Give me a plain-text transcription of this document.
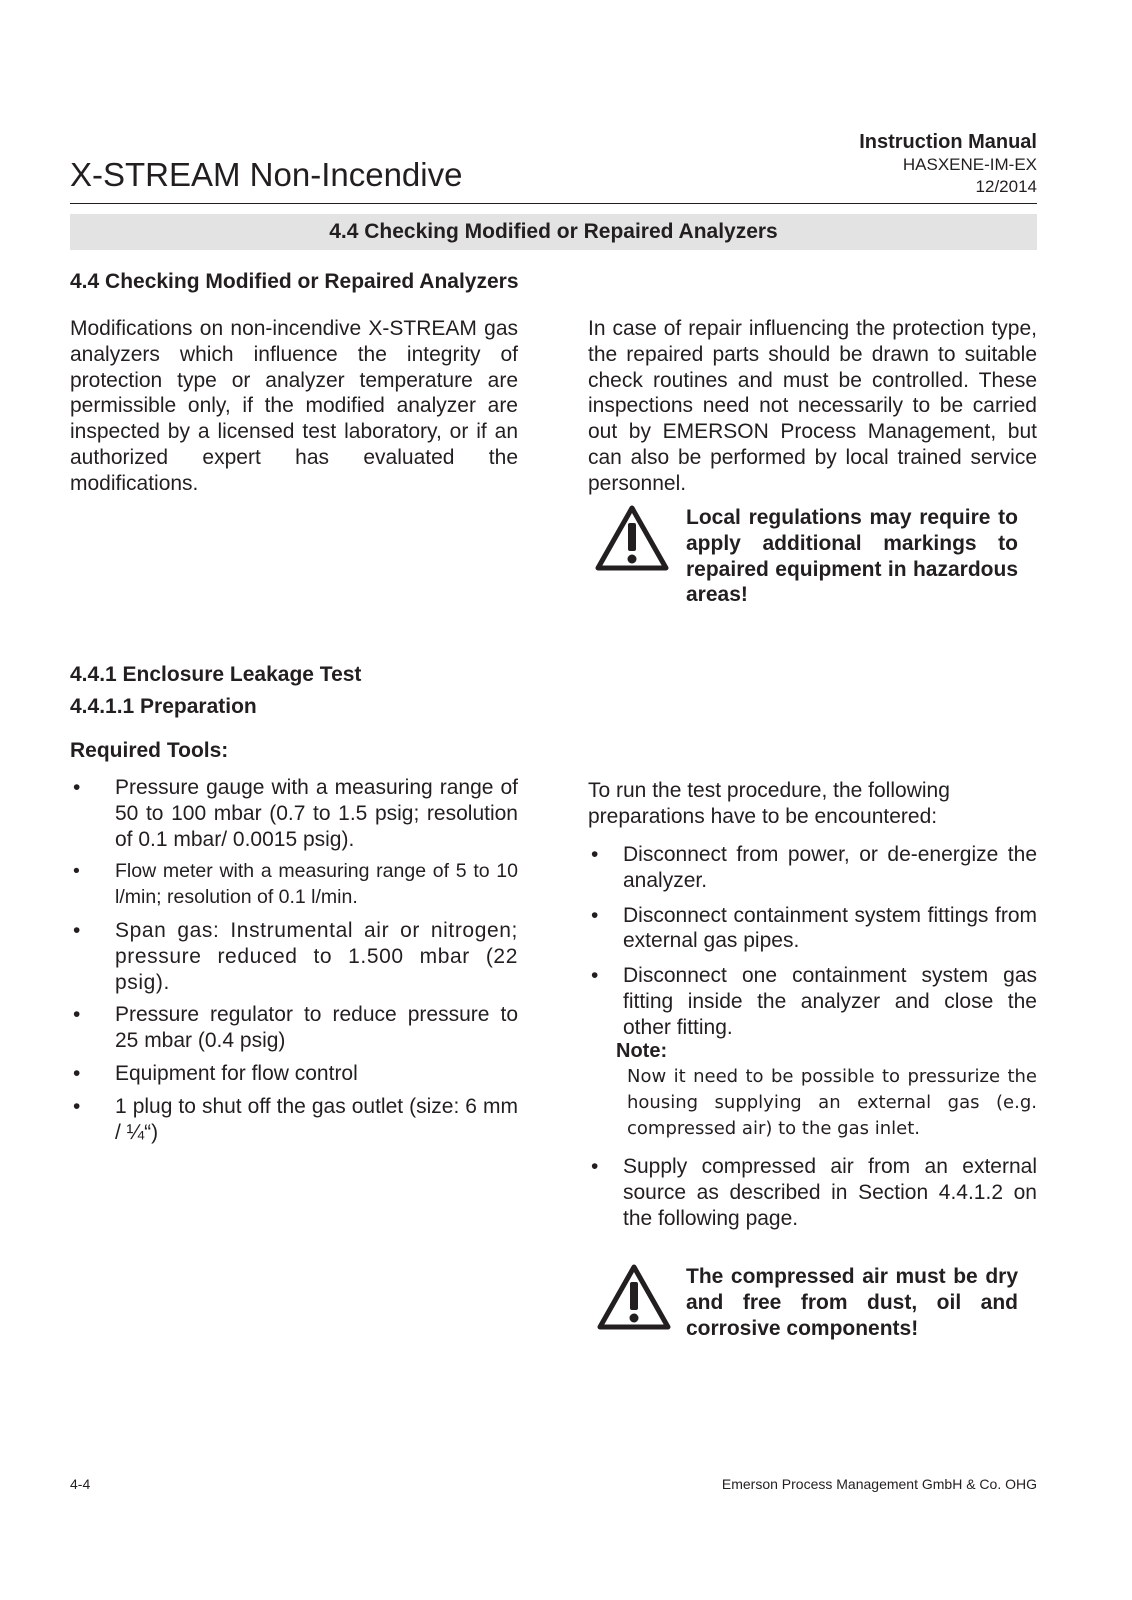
X-STREAM Non-Incendive
Instruction Manual
HASXENE-IM-EX
12/2014
4.4 Checking Modified or Repaired Analyzers
4.4 Checking Modified or Repaired Analyzers

Modifications on non-incendive X-STREAM gas analyzers which influence the integrity of protection type or analyzer temperature are permissible only, if the modified analyzer are inspected by a licensed test laboratory, or if an authorized expert has evaluated the modifications.

In case of repair influencing the protection type, the repaired parts should be drawn to suitable check routines and must be controlled. These inspections need not necessarily to be carried out by EMERSON Process Management, but can also be performed by local trained service personnel.

Local regulations may require to apply additional markings to repaired equipment in hazardous areas!
4.4.1 Enclosure Leakage Test
4.4.1.1 Preparation
Required Tools:
• Pressure gauge with a measuring range of 50 to 100 mbar (0.7 to 1.5 psig; resolution of 0.1 mbar/ 0.0015 psig).
• Flow meter with a measuring range of 5 to 10 l/min; resolution of 0.1 l/min.
• Span gas: Instrumental air or nitrogen; pressure reduced to 1.500 mbar (22 psig).
• Pressure regulator to reduce pressure to 25 mbar (0.4 psig)
• Equipment for flow control
• 1 plug to shut off the gas outlet (size: 6 mm / ¼“)

To run the test procedure, the following preparations have to be encountered:

• Disconnect from power, or de-energize the analyzer.
• Disconnect containment system fittings from external gas pipes.
• Disconnect one containment system gas fitting inside the analyzer and close the other fitting.
Note:
Now it need to be possible to pressurize the housing supplying an external gas (e.g. compressed air) to the gas inlet.
• Supply compressed air from an external source as described in Section 4.4.1.2 on the following page.
The compressed air must be dry and free from dust, oil and corrosive components!
4-4	Emerson Process Management GmbH & Co. OHG
